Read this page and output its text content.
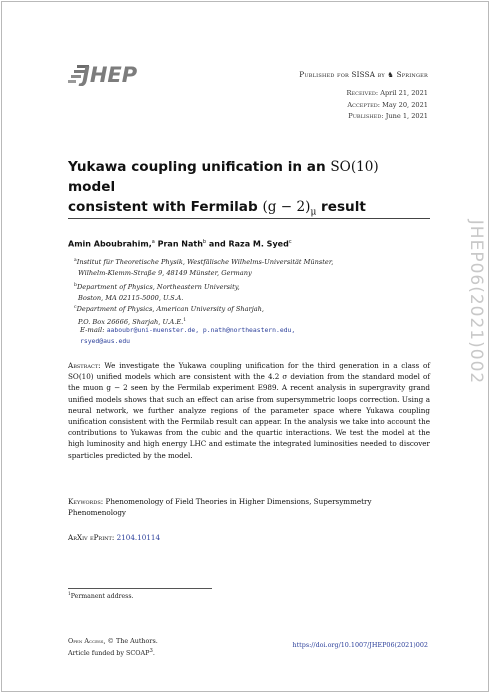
JHEP	Published for SISSA by ♞ Springer
Received: April 21, 2021
Accepted: May 20, 2021
Published: June 1, 2021
Yukawa coupling unification in an SO(10) model
consistent with Fermilab $(g - 2)_\mu$ result
JHEP06(2021)002
Amin Aboubrahim,$^a$ Pran Nath$^b$ and Raza M. Syed$^c$
$^a$Institut für Theoretische Physik, Westfälische Wilhelms-Universität Münster,
Wilhelm-Klemm-Straße 9, 48149 Münster, Germany
$^b$Department of Physics, Northeastern University,
Boston, MA 02115-5000, U.S.A.
$^c$Department of Physics, American University of Sharjah,
P.O. Box 26666, Sharjah, U.A.E.$^1$
E-mail: aaboubr@uni-muenster.de, p.nath@northeastern.edu,
rsyed@aus.edu
Abstract: We investigate the Yukawa coupling unification for the third generation in a class of SO(10) unified models which are consistent with the 4.2 σ deviation from the standard model of the muon g − 2 seen by the Fermilab experiment E989. A recent analysis in supergravity grand unified models shows that such an effect can arise from supersymmetric loops correction. Using a neural network, we further analyze regions of the parameter space where Yukawa coupling unification consistent with the Fermilab result can appear. In the analysis we take into account the contributions to Yukawas from the cubic and the quartic interactions. We test the model at the high luminosity and high energy LHC and estimate the integrated luminosities needed to discover sparticles predicted by the model.
Keywords: Phenomenology of Field Theories in Higher Dimensions, Supersymmetry Phenomenology
ArXiv ePrint: 2104.10114
$^1$Permanent address.
Open Access, © The Authors.
Article funded by SCOAP$^3$.
https://doi.org/10.1007/JHEP06(2021)002
